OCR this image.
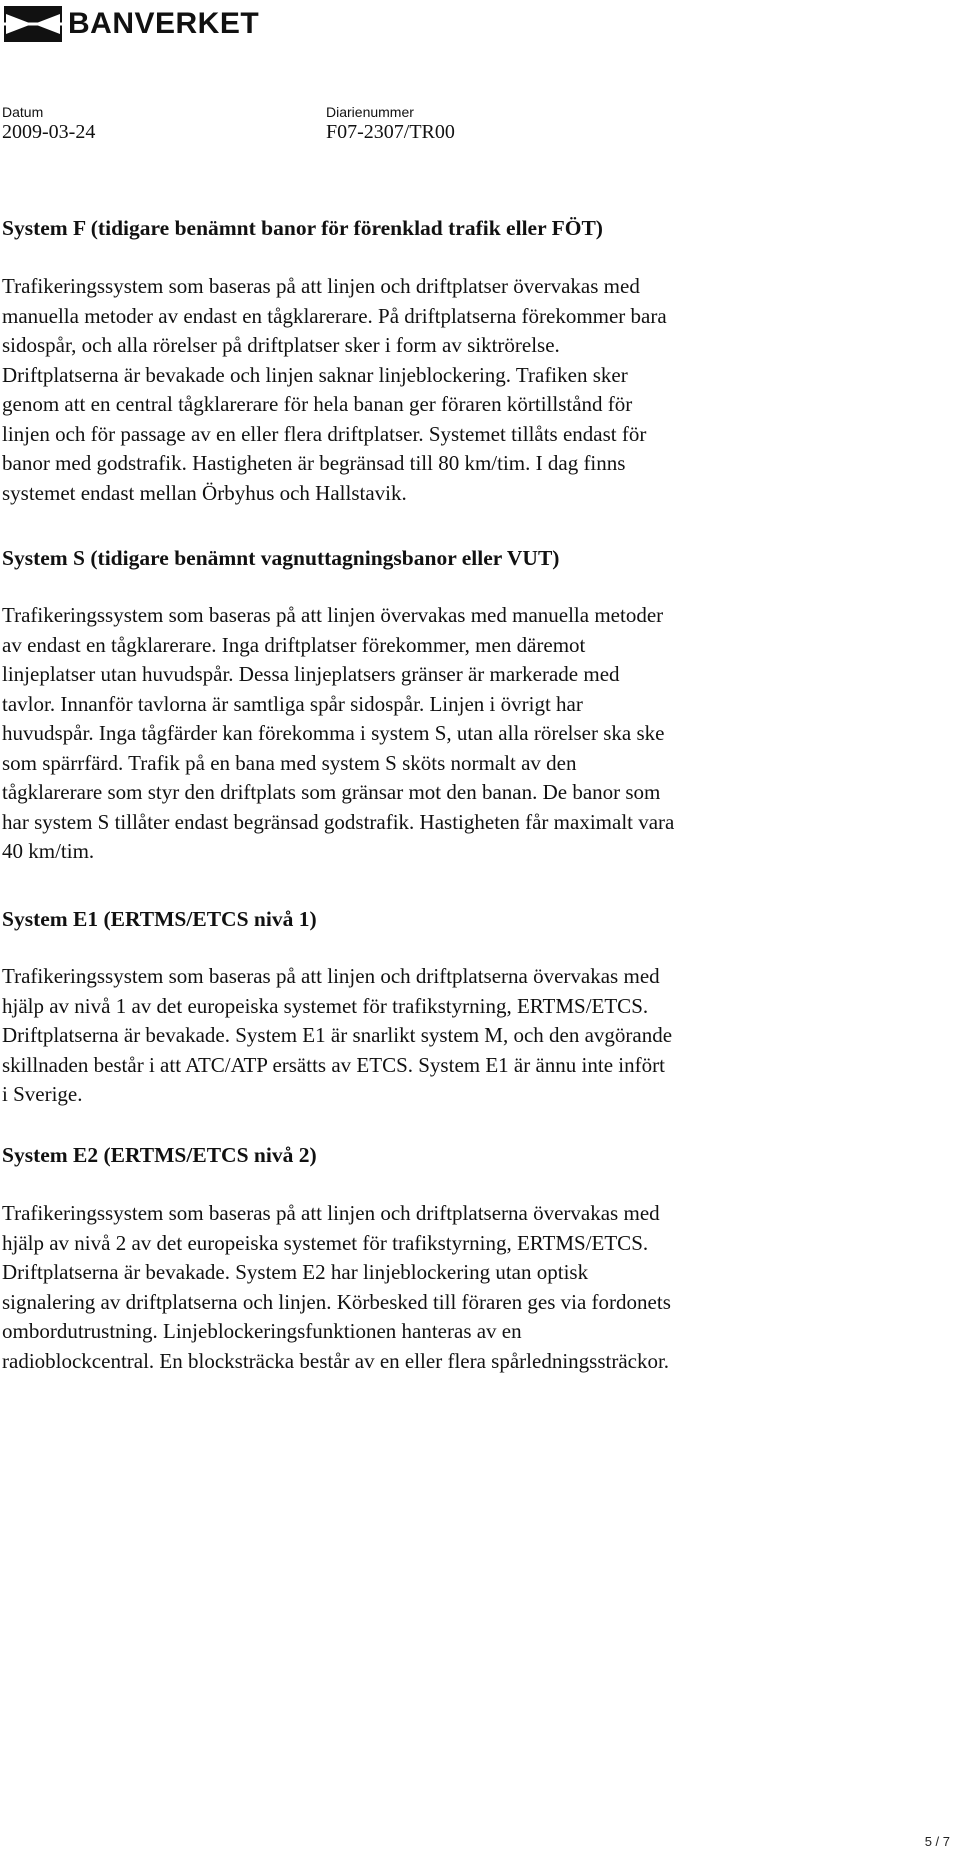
BANVERKET
Datum
2009-03-24
Diarienummer
F07-2307/TR00
System F (tidigare benämnt banor för förenklad trafik eller FÖT)
Trafikeringssystem som baseras på att linjen och driftplatser övervakas med
manuella metoder av endast en tågklarerare. På driftplatserna förekommer bara
sidospår, och alla rörelser på driftplatser sker i form av siktrörelse.
Driftplatserna är bevakade och linjen saknar linjeblockering. Trafiken sker
genom att en central tågklarerare för hela banan ger föraren körtillstånd för
linjen och för passage av en eller flera driftplatser. Systemet tillåts endast för
banor med godstrafik. Hastigheten är begränsad till 80 km/tim. I dag finns
systemet endast mellan Örbyhus och Hallstavik.
System S (tidigare benämnt vagnuttagningsbanor eller VUT)
Trafikeringssystem som baseras på att linjen övervakas med manuella metoder
av endast en tågklarerare. Inga driftplatser förekommer, men däremot
linjeplatser utan huvudspår. Dessa linjeplatsers gränser är markerade med
tavlor. Innanför tavlorna är samtliga spår sidospår. Linjen i övrigt har
huvudspår. Inga tågfärder kan förekomma i system S, utan alla rörelser ska ske
som spärrfärd. Trafik på en bana med system S sköts normalt av den
tågklarerare som styr den driftplats som gränsar mot den banan. De banor som
har system S tillåter endast begränsad godstrafik. Hastigheten får maximalt vara
40 km/tim.
System E1 (ERTMS/ETCS nivå 1)
Trafikeringssystem som baseras på att linjen och driftplatserna övervakas med
hjälp av nivå 1 av det europeiska systemet för trafikstyrning, ERTMS/ETCS.
Driftplatserna är bevakade. System E1 är snarlikt system M, och den avgörande
skillnaden består i att ATC/ATP ersätts av ETCS. System E1 är ännu inte infört
i Sverige.
System E2 (ERTMS/ETCS nivå 2)
Trafikeringssystem som baseras på att linjen och driftplatserna övervakas med
hjälp av nivå 2 av det europeiska systemet för trafikstyrning, ERTMS/ETCS.
Driftplatserna är bevakade. System E2 har linjeblockering utan optisk
signalering av driftplatserna och linjen. Körbesked till föraren ges via fordonets
ombordutrustning. Linjeblockeringsfunktionen hanteras av en
radioblockcentral. En blocksträcka består av en eller flera spårledningssträckor.
5 / 7
